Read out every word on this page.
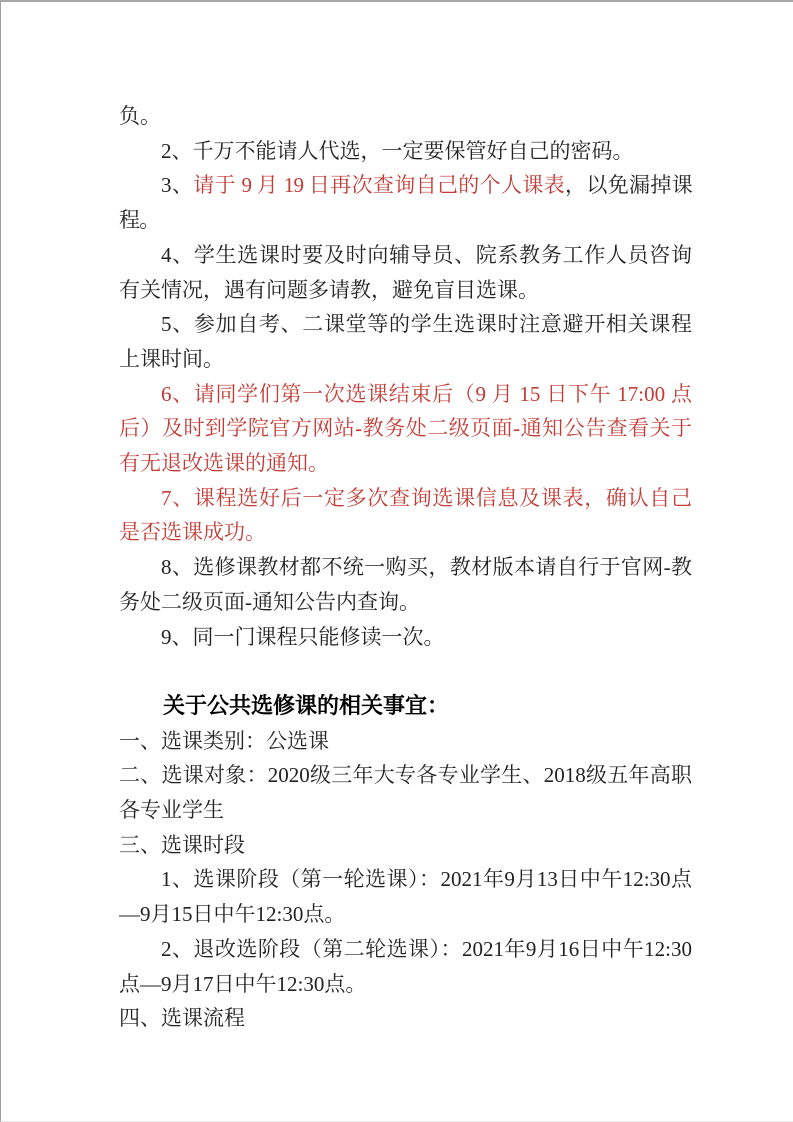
负。

2、千万不能请人代选，一定要保管好自己的密码。

3、请于 9 月 19 日再次查询自己的个人课表，以免漏掉课程。

4、学生选课时要及时向辅导员、院系教务工作人员咨询有关情况，遇有问题多请教，避免盲目选课。

5、参加自考、二课堂等的学生选课时注意避开相关课程上课时间。

6、请同学们第一次选课结束后（9 月 15 日下午 17:00 点后）及时到学院官方网站-教务处二级页面-通知公告查看关于有无退改选课的通知。

7、课程选好后一定多次查询选课信息及课表，确认自己是否选课成功。

8、选修课教材都不统一购买，教材版本请自行于官网-教务处二级页面-通知公告内查询。

9、同一门课程只能修读一次。

关于公共选修课的相关事宜：

一、选课类别：公选课

二、选课对象：2020级三年大专各专业学生、2018级五年高职各专业学生

三、选课时段

1、选课阶段（第一轮选课）：2021年9月13日中午12:30点—9月15日中午12:30点。

2、退改选阶段（第二轮选课）：2021年9月16日中午12:30点—9月17日中午12:30点。

四、选课流程
